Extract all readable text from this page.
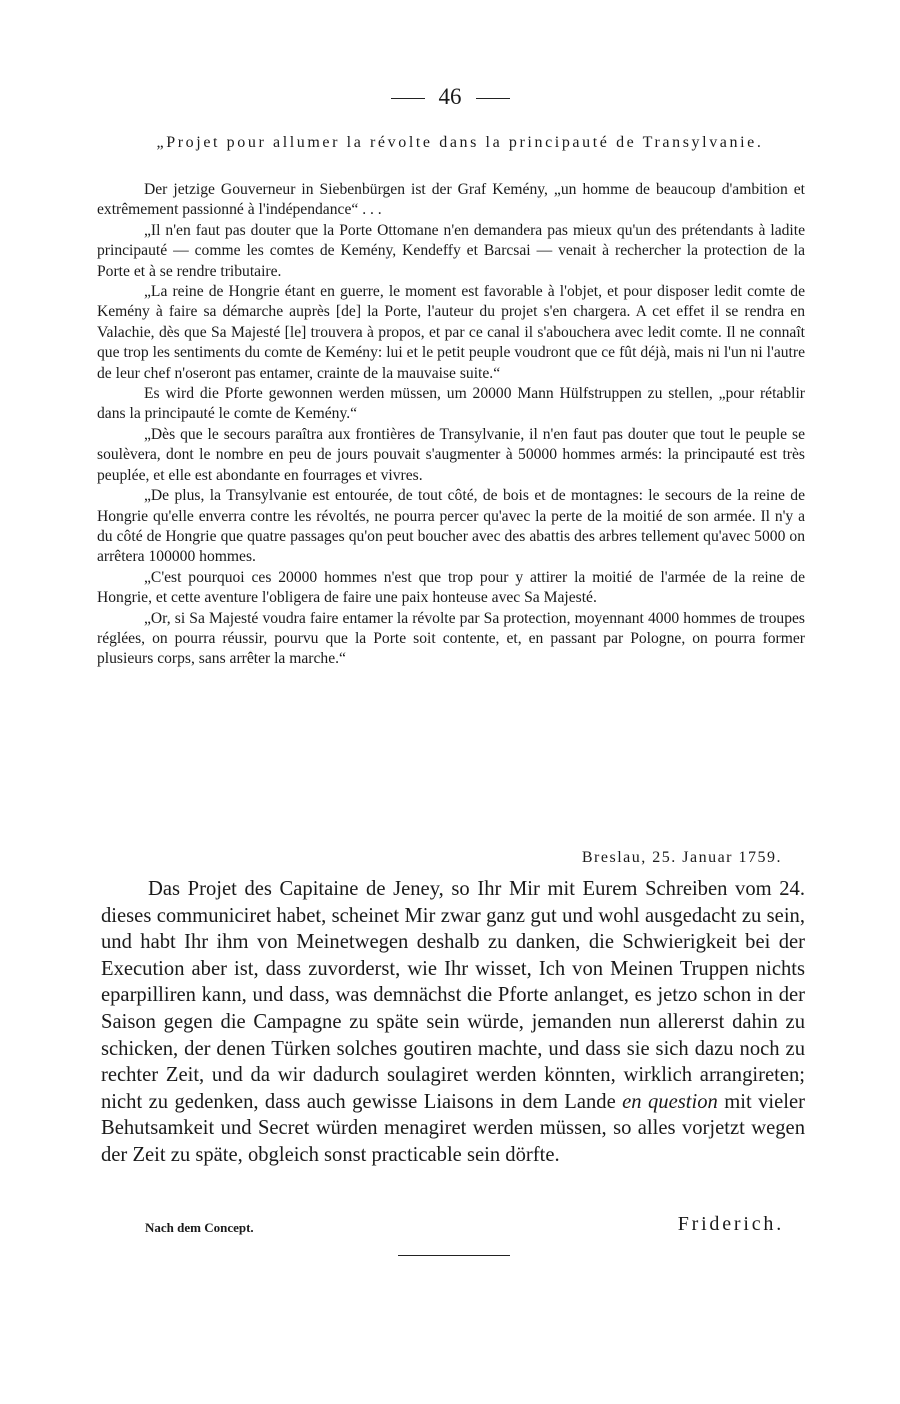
46
„Projet pour allumer la révolte dans la principauté de Transylvanie.

Der jetzige Gouverneur in Siebenbürgen ist der Graf Kemény, „un homme de beaucoup d'ambition et extrêmement passionné à l'indépendance“ . . .

„Il n'en faut pas douter que la Porte Ottomane n'en demandera pas mieux qu'un des prétendants à ladite principauté — comme les comtes de Kemény, Kendeffy et Barcsai — venait à rechercher la protection de la Porte et à se rendre tributaire.

„La reine de Hongrie étant en guerre, le moment est favorable à l'objet, et pour disposer ledit comte de Kemény à faire sa démarche auprès [de] la Porte, l'auteur du projet s'en chargera. A cet effet il se rendra en Valachie, dès que Sa Majesté [le] trouvera à propos, et par ce canal il s'abouchera avec ledit comte. Il ne connaît que trop les sentiments du comte de Kemény: lui et le petit peuple voudront que ce fût déjà, mais ni l'un ni l'autre de leur chef n'oseront pas entamer, crainte de la mauvaise suite.“

Es wird die Pforte gewonnen werden müssen, um 20000 Mann Hülfstruppen zu stellen, „pour rétablir dans la principauté le comte de Kemény.“

„Dès que le secours paraîtra aux frontières de Transylvanie, il n'en faut pas douter que tout le peuple se soulèvera, dont le nombre en peu de jours pouvait s'augmenter à 50000 hommes armés: la principauté est très peuplée, et elle est abondante en fourrages et vivres.

„De plus, la Transylvanie est entourée, de tout côté, de bois et de montagnes: le secours de la reine de Hongrie qu'elle enverra contre les révoltés, ne pourra percer qu'avec la perte de la moitié de son armée. Il n'y a du côté de Hongrie que quatre passages qu'on peut boucher avec des abattis des arbres tellement qu'avec 5000 on arrêtera 100000 hommes.

„C'est pourquoi ces 20000 hommes n'est que trop pour y attirer la moitié de l'armée de la reine de Hongrie, et cette aventure l'obligera de faire une paix honteuse avec Sa Majesté.

„Or, si Sa Majesté voudra faire entamer la révolte par Sa protection, moyennant 4000 hommes de troupes réglées, on pourra réussir, pourvu que la Porte soit contente, et, en passant par Pologne, on pourra former plusieurs corps, sans arrêter la marche.“

Breslau, 25. Januar 1759.

Das Projet des Capitaine de Jeney, so Ihr Mir mit Eurem Schreiben vom 24. dieses communiciret habet, scheinet Mir zwar ganz gut und wohl ausgedacht zu sein, und habt Ihr ihm von Meinetwegen deshalb zu danken, die Schwierigkeit bei der Execution aber ist, dass zuvorderst, wie Ihr wisset, Ich von Meinen Truppen nichts eparpilliren kann, und dass, was demnächst die Pforte anlanget, es jetzo schon in der Saison gegen die Campagne zu späte sein würde, jemanden nun allererst dahin zu schicken, der denen Türken solches goutiren machte, und dass sie sich dazu noch zu rechter Zeit, und da wir dadurch soulagiret werden könnten, wirklich arrangireten; nicht zu gedenken, dass auch gewisse Liaisons in dem Lande en question mit vieler Behutsamkeit und Secret würden menagiret werden müssen, so alles vorjetzt wegen der Zeit zu späte, obgleich sonst practicable sein dörfte.

Nach dem Concept.	Friderich.
